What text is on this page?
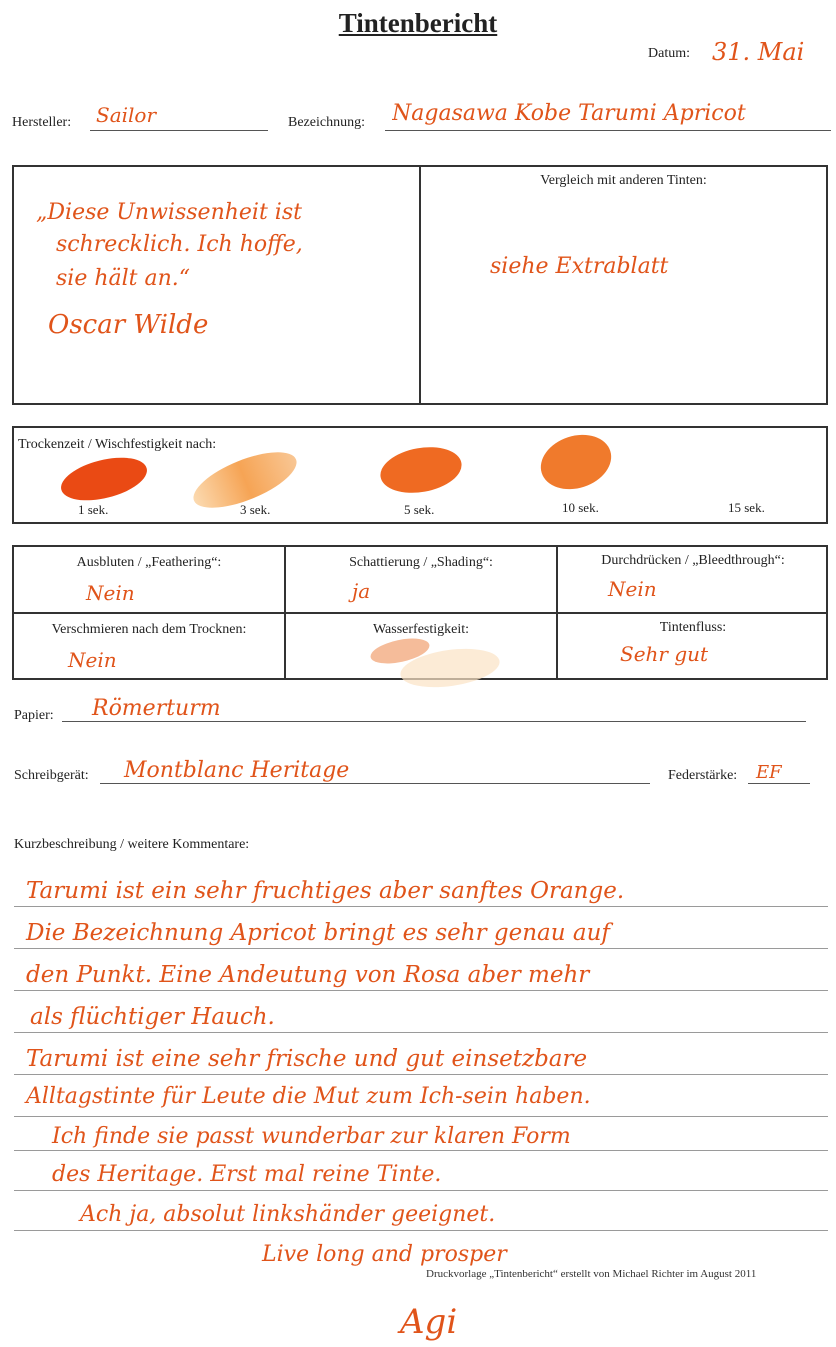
Tintenbericht
Datum: 31. Mai
Hersteller: Sailor	Bezeichnung: Nagasawa Kobe Tarumi Apricot
„Diese Unwissenheit ist
schrecklich. Ich hoffe,
sie hält an.“
Oscar Wilde
Vergleich mit anderen Tinten:
siehe Extrablatt
Trockenzeit / Wischfestigkeit nach:
1 sek.	3 sek.	5 sek.	10 sek.	15 sek.
Ausbluten / „Feathering“:
Nein
Schattierung / „Shading“:
ja
Durchdrücken / „Bleedthrough“:
Nein
Verschmieren nach dem Trocknen:
Nein
Wasserfestigkeit:	Tintenfluss:
Sehr gut
Papier: Römerturm
Schreibgerät: Montblanc Heritage	Federstärke: EF
Kurzbeschreibung / weitere Kommentare:
Tarumi ist ein sehr fruchtiges aber sanftes Orange.
Die Bezeichnung Apricot bringt es sehr genau auf
den Punkt. Eine Andeutung von Rosa aber mehr
als flüchtiger Hauch.
Tarumi ist eine sehr frische und gut einsetzbare
Alltagstinte für Leute die Mut zum Ich-sein haben.
Ich finde sie passt wunderbar zur klaren Form
des Heritage. Erst mal reine Tinte.
Ach ja, absolut linkshänder geeignet.
Live long and prosper
Druckvorlage „Tintenbericht“ erstellt von Michael Richter im August 2011
Agi
